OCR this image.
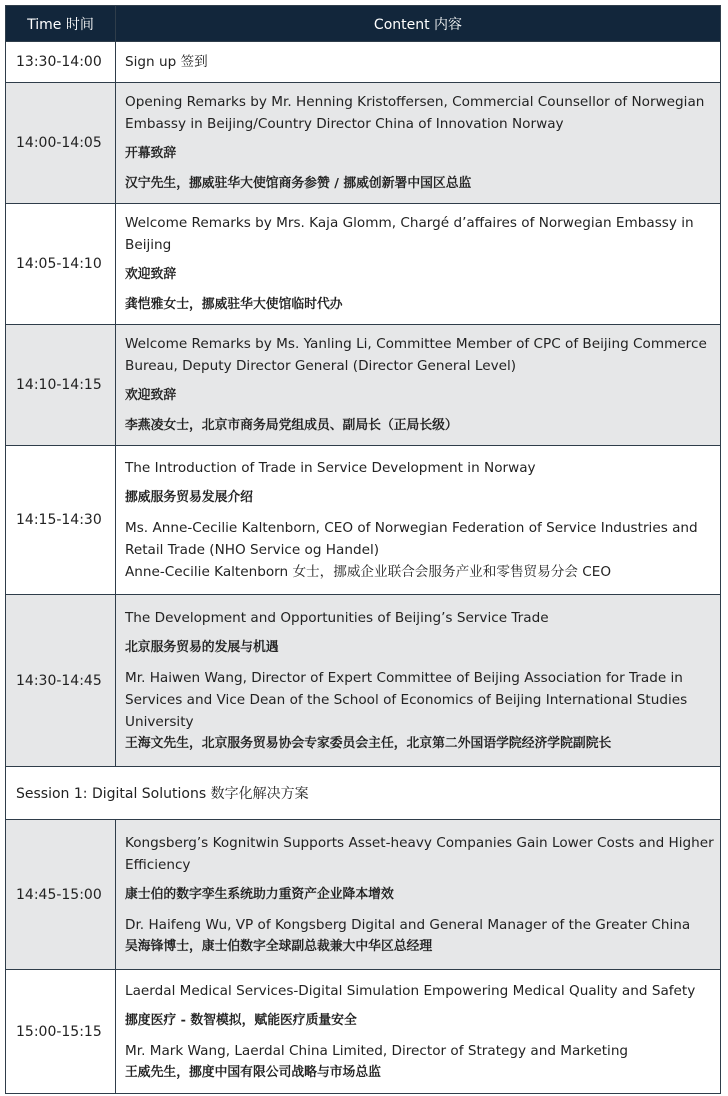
Time 时间	Content 内容
13:30-14:00	Sign up 签到

14:00-14:05	Opening Remarks by Mr. Henning Kristoffersen, Commercial Counsellor of Norwegian Embassy in Beijing/Country Director China of Innovation Norway
开幕致辞
汉宁先生，挪威驻华大使馆商务参赞 / 挪威创新署中国区总监

14:05-14:10	Welcome Remarks by Mrs. Kaja Glomm, Chargé d’affaires of Norwegian Embassy in Beijing
欢迎致辞
龚恺雅女士，挪威驻华大使馆临时代办

14:10-14:15	Welcome Remarks by Ms. Yanling Li, Committee Member of CPC of Beijing Commerce Bureau, Deputy Director General (Director General Level)
欢迎致辞
李燕凌女士，北京市商务局党组成员、副局长（正局长级）

14:15-14:30	The Introduction of Trade in Service Development in Norway
挪威服务贸易发展介绍
Ms. Anne-Cecilie Kaltenborn, CEO of Norwegian Federation of Service Industries and Retail Trade (NHO Service og Handel)
Anne-Cecilie Kaltenborn 女士，挪威企业联合会服务产业和零售贸易分会 CEO

14:30-14:45	The Development and Opportunities of Beijing’s Service Trade
北京服务贸易的发展与机遇
Mr. Haiwen Wang, Director of Expert Committee of Beijing Association for Trade in Services and Vice Dean of the School of Economics of Beijing International Studies University
王海文先生，北京服务贸易协会专家委员会主任，北京第二外国语学院经济学院副院长

Session 1: Digital Solutions 数字化解决方案	
14:45-15:00	Kongsberg’s Kognitwin Supports Asset-heavy Companies Gain Lower Costs and Higher Efficiency
康士伯的数字孪生系统助力重资产企业降本增效
Dr. Haifeng Wu, VP of Kongsberg Digital and General Manager of the Greater China
吴海锋博士，康士伯数字全球副总裁兼大中华区总经理

15:00-15:15	Laerdal Medical Services-Digital Simulation Empowering Medical Quality and Safety
挪度医疗 - 数智模拟，赋能医疗质量安全
Mr. Mark Wang, Laerdal China Limited, Director of Strategy and Marketing
王威先生，挪度中国有限公司战略与市场总监
